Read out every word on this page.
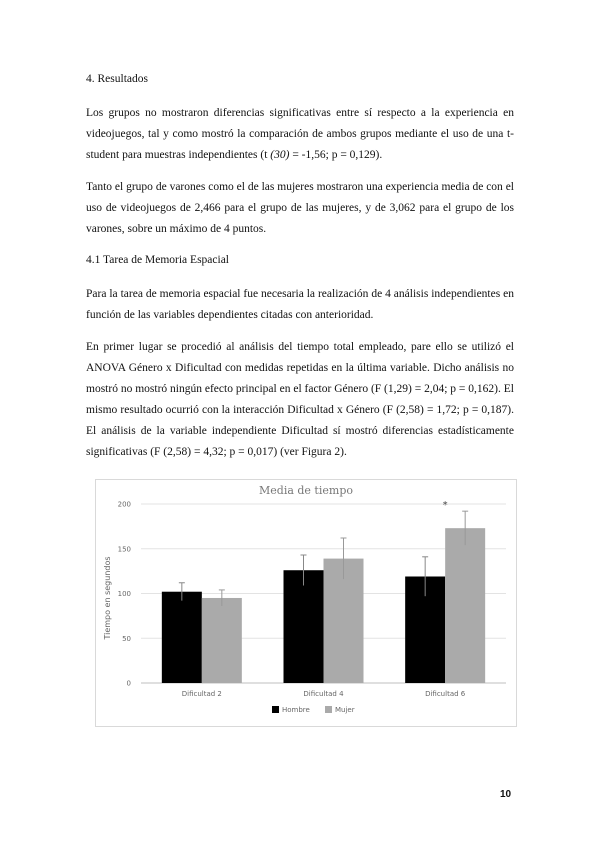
4. Resultados

Los grupos no mostraron diferencias significativas entre sí respecto a la experiencia en videojuegos, tal y como mostró la comparación de ambos grupos mediante el uso de una t-student para muestras independientes (t (30) = -1,56; p = 0,129).

Tanto el grupo de varones como el de las mujeres mostraron una experiencia media de con el uso de videojuegos de 2,466 para el grupo de las mujeres, y de 3,062 para el grupo de los varones, sobre un máximo de 4 puntos.

4.1 Tarea de Memoria Espacial

Para la tarea de memoria espacial fue necesaria la realización de 4 análisis independientes en función de las variables dependientes citadas con anterioridad.

En primer lugar se procedió al análisis del tiempo total empleado, pare ello se utilizó el ANOVA Género x Dificultad con medidas repetidas en la última variable. Dicho análisis no mostró no mostró ningún efecto principal en el factor Género (F (1,29) = 2,04; p = 0,162). El mismo resultado ocurrió con la interacción Dificultad x Género (F (2,58) = 1,72; p = 0,187). El análisis de la variable independiente Dificultad sí mostró diferencias estadísticamente significativas (F (2,58) = 4,32; p = 0,017) (ver Figura 2).

Media de tiempo
Tiempo en segundos
0
50
100
150
200
Dificultad 2	Dificultad 4	Dificultad 6
*
Hombre	Mujer
10
